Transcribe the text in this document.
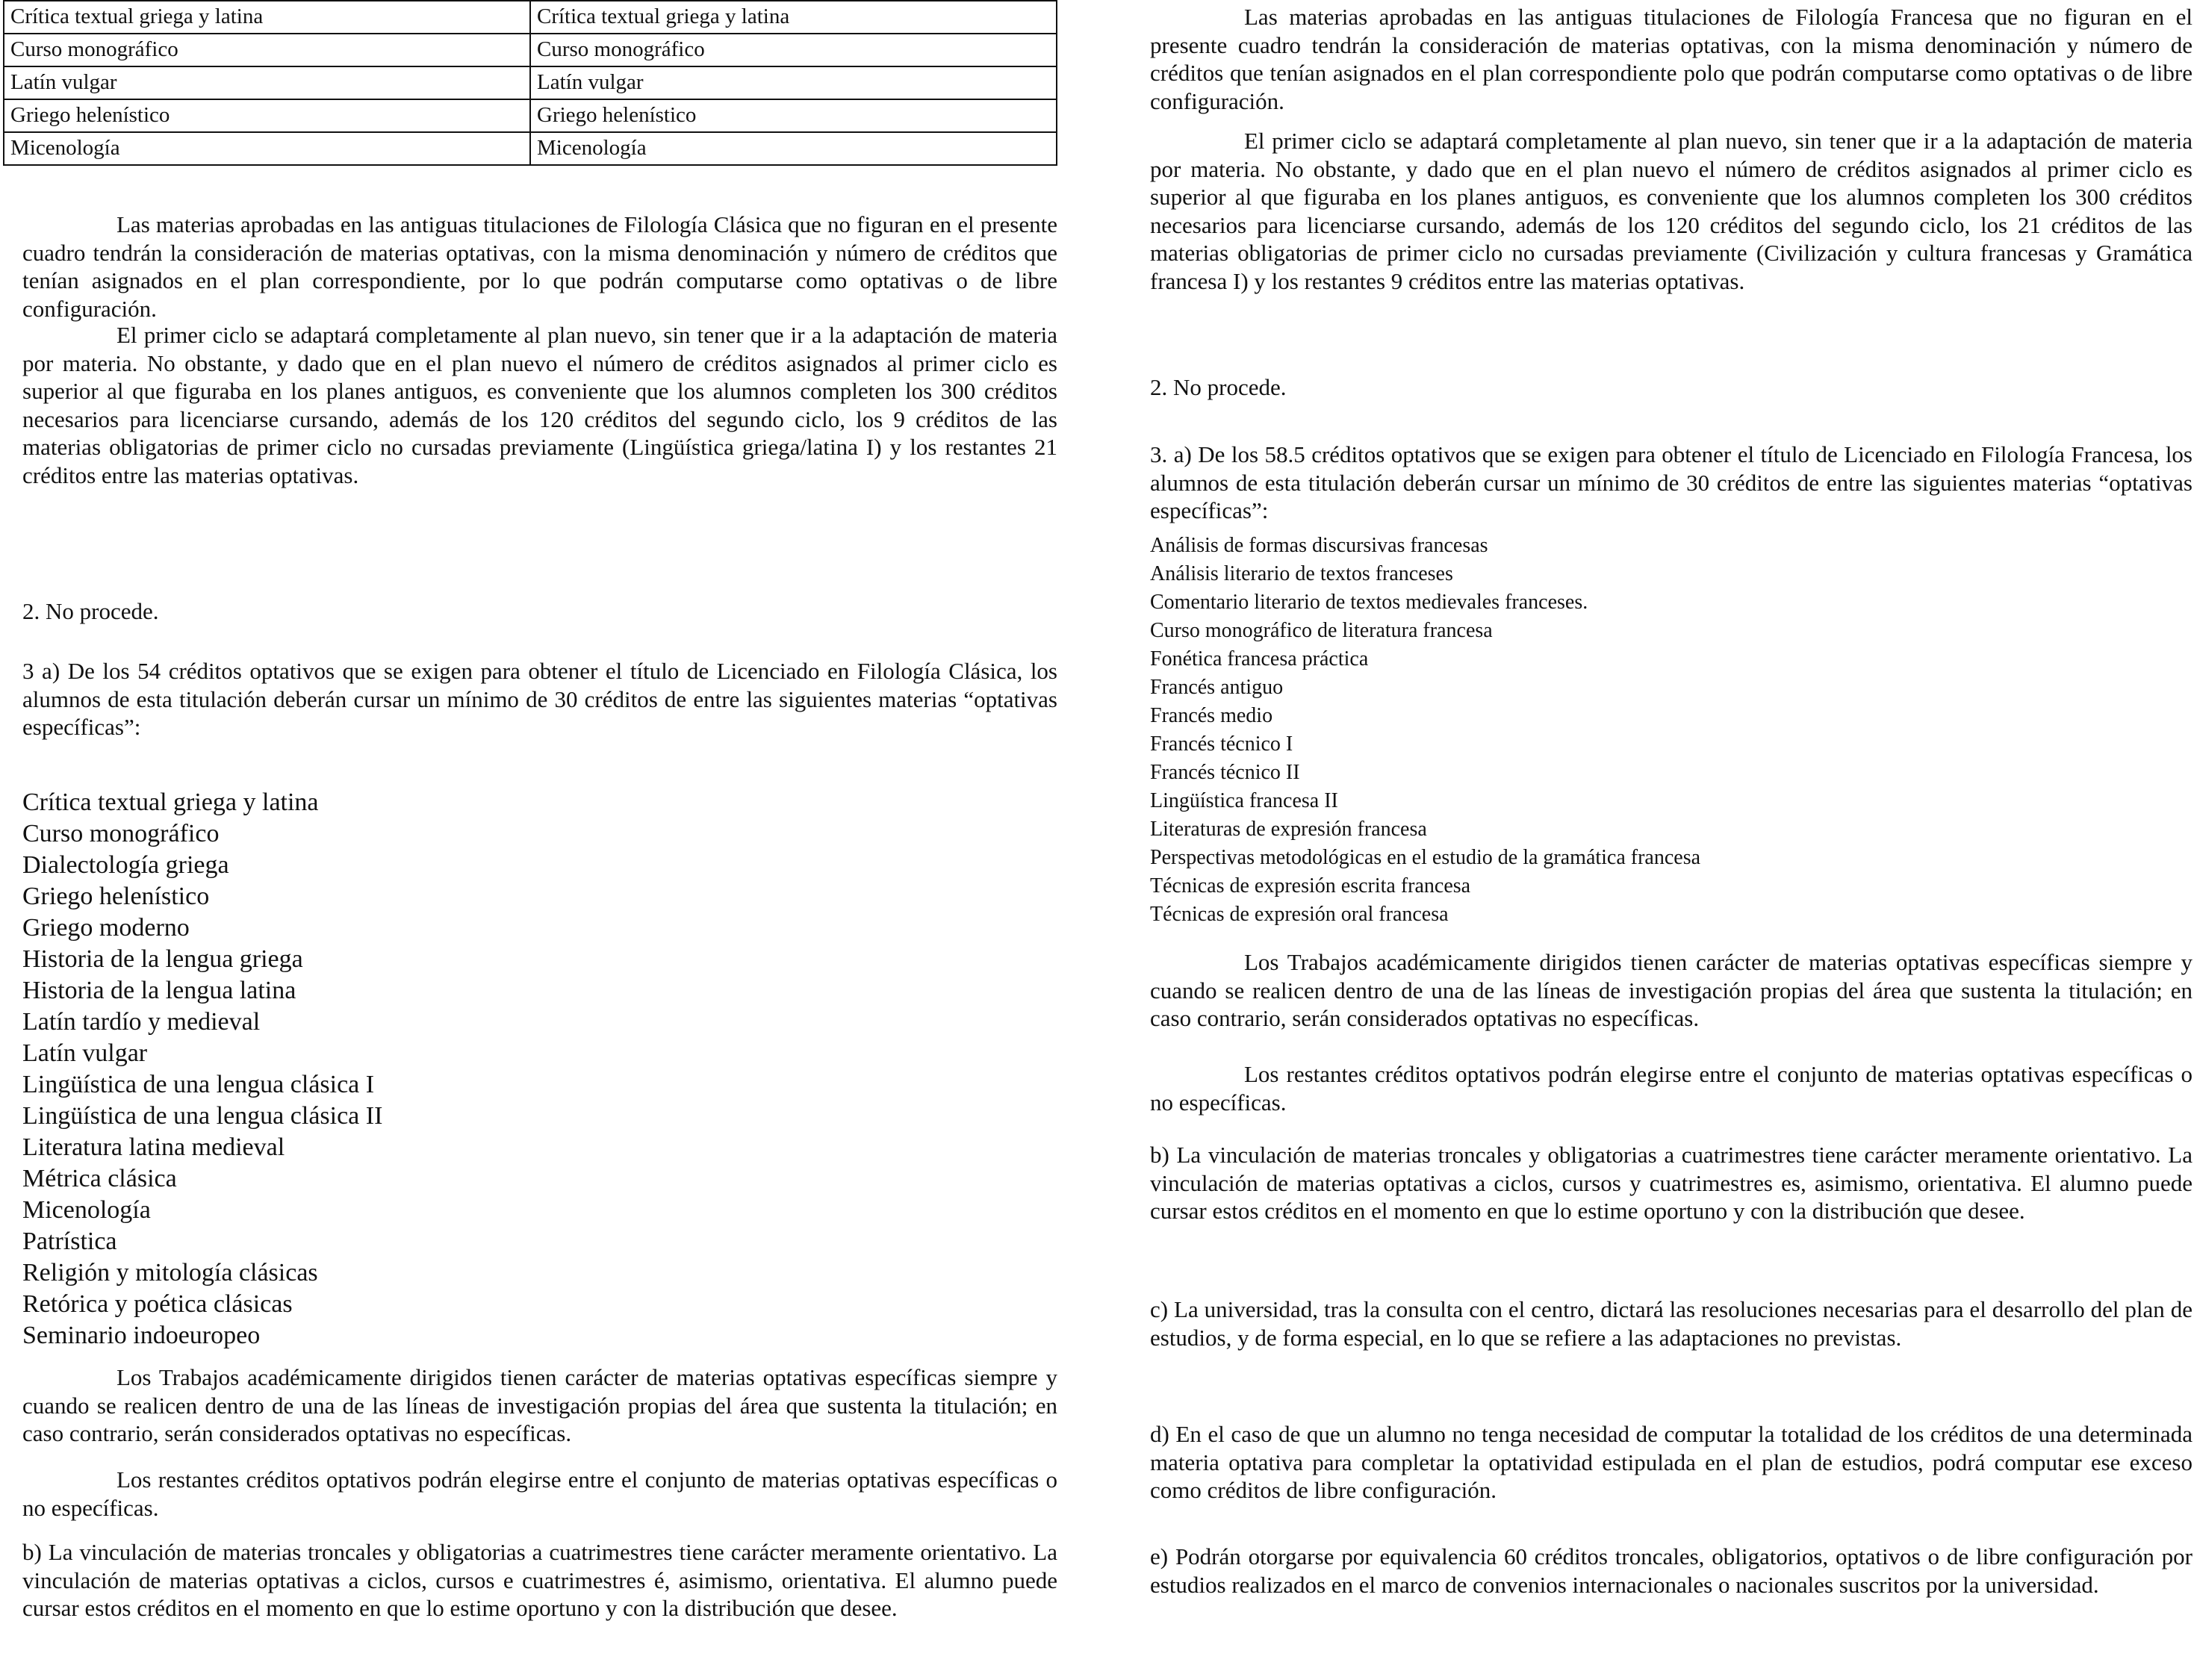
Crítica textual griega y latina	Crítica textual griega y latina
Curso monográfico	Curso monográfico
Latín vulgar	Latín vulgar
Griego helenístico	Griego helenístico
Micenología	Micenología

Las materias aprobadas en las antiguas titulaciones de Filología Clásica que no figuran en el presente cuadro tendrán la consideración de materias optativas, con la misma denominación y número de créditos que tenían asignados en el plan correspondiente, por lo que podrán computarse como optativas o de libre configuración.

El primer ciclo se adaptará completamente al plan nuevo, sin tener que ir a la adaptación de materia por materia. No obstante, y dado que en el plan nuevo el número de créditos asignados al primer ciclo es superior al que figuraba en los planes antiguos, es conveniente que los alumnos completen los 300 créditos necesarios para licenciarse cursando, además de los 120 créditos del segundo ciclo, los 9 créditos de las materias obligatorias de primer ciclo no cursadas previamente (Lingüística griega/latina I) y los restantes 21 créditos entre las materias optativas.

2. No procede.

3 a) De los 54 créditos optativos que se exigen para obtener el título de Licenciado en Filología Clásica, los alumnos de esta titulación deberán cursar un mínimo de 30 créditos de entre las siguientes materias “optativas específicas”:

Crítica textual griega y latina
Curso monográfico
Dialectología griega
Griego helenístico
Griego moderno
Historia de la lengua griega
Historia de la lengua latina
Latín tardío y medieval
Latín vulgar
Lingüística de una lengua clásica I
Lingüística de una lengua clásica II
Literatura latina medieval
Métrica clásica
Micenología
Patrística
Religión y mitología clásicas
Retórica y poética clásicas
Seminario indoeuropeo

Los Trabajos académicamente dirigidos tienen carácter de materias optativas específicas siempre y cuando se realicen dentro de una de las líneas de investigación propias del área que sustenta la titulación; en caso contrario, serán considerados optativas no específicas.

Los restantes créditos optativos podrán elegirse entre el conjunto de materias optativas específicas o no específicas.

b) La vinculación de materias troncales y obligatorias a cuatrimestres tiene carácter meramente orientativo. La vinculación de materias optativas a ciclos, cursos e cuatrimestres é, asimismo, orientativa. El alumno puede cursar estos créditos en el momento en que lo estime oportuno y con la distribución que desee.

Las materias aprobadas en las antiguas titulaciones de Filología Francesa que no figuran en el presente cuadro tendrán la consideración de materias optativas, con la misma denominación y número de créditos que tenían asignados en el plan correspondiente polo que podrán computarse como optativas o de libre configuración.

El primer ciclo se adaptará completamente al plan nuevo, sin tener que ir a la adaptación de materia por materia. No obstante, y dado que en el plan nuevo el número de créditos asignados al primer ciclo es superior al que figuraba en los planes antiguos, es conveniente que los alumnos completen los 300 créditos necesarios para licenciarse cursando, además de los 120 créditos del segundo ciclo, los 21 créditos de las materias obligatorias de primer ciclo no cursadas previamente (Civilización y cultura francesas y Gramática francesa I) y los restantes 9 créditos entre las materias optativas.

2. No procede.

3. a) De los 58.5 créditos optativos que se exigen para obtener el título de Licenciado en Filología Francesa, los alumnos de esta titulación deberán cursar un mínimo de 30 créditos de entre las siguientes materias “optativas específicas”:

Análisis de formas discursivas francesas
Análisis literario de textos franceses
Comentario literario de textos medievales franceses.
Curso monográfico de literatura francesa
Fonética francesa práctica
Francés antiguo
Francés medio
Francés técnico I
Francés técnico II
Lingüística francesa II
Literaturas de expresión francesa
Perspectivas metodológicas en el estudio de la gramática francesa
Técnicas de expresión escrita francesa
Técnicas de expresión oral francesa

Los Trabajos académicamente dirigidos tienen carácter de materias optativas específicas siempre y cuando se realicen dentro de una de las líneas de investigación propias del área que sustenta la titulación; en caso contrario, serán considerados optativas no específicas.

Los restantes créditos optativos podrán elegirse entre el conjunto de materias optativas específicas o no específicas.

b) La vinculación de materias troncales y obligatorias a cuatrimestres tiene carácter meramente orientativo. La vinculación de materias optativas a ciclos, cursos y cuatrimestres es, asimismo, orientativa. El alumno puede cursar estos créditos en el momento en que lo estime oportuno y con la distribución que desee.

c) La universidad, tras la consulta con el centro, dictará las resoluciones necesarias para el desarrollo del plan de estudios, y de forma especial, en lo que se refiere a las adaptaciones no previstas.

d) En el caso de que un alumno no tenga necesidad de computar la totalidad de los créditos de una determinada materia optativa para completar la optatividad estipulada en el plan de estudios, podrá computar ese exceso como créditos de libre configuración.

e) Podrán otorgarse por equivalencia 60 créditos troncales, obligatorios, optativos o de libre configuración por estudios realizados en el marco de convenios internacionales o nacionales suscritos por la universidad.
